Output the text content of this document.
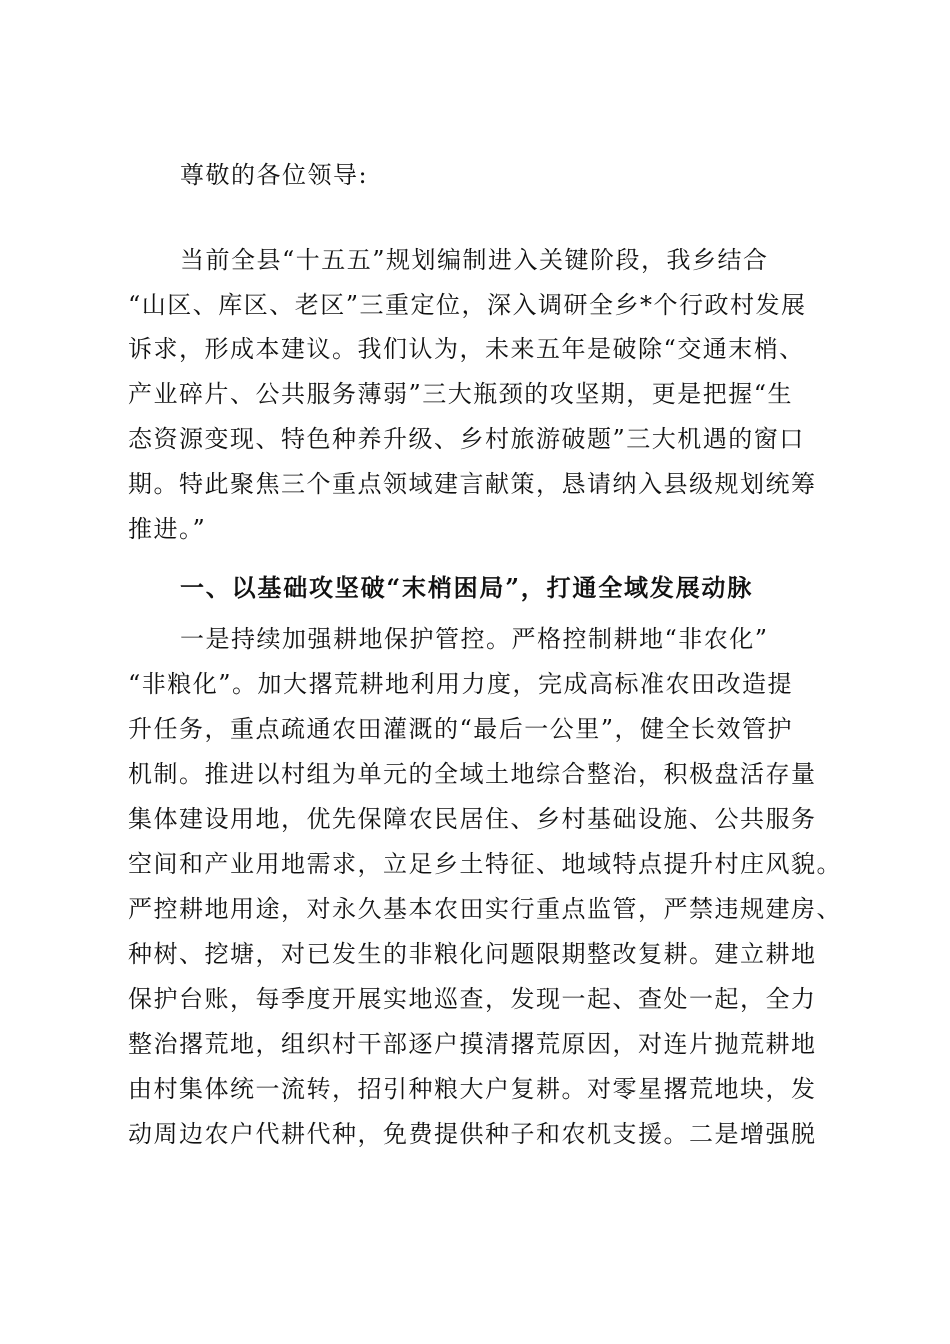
尊敬的各位领导:
当前全县“十五五”规划编制进入关键阶段，我乡结合
“山区、库区、老区”三重定位，深入调研全乡*个行政村发展
诉求，形成本建议。我们认为，未来五年是破除“交通末梢、
产业碎片、公共服务薄弱”三大瓶颈的攻坚期，更是把握“生
态资源变现、特色种养升级、乡村旅游破题”三大机遇的窗口
期。特此聚焦三个重点领域建言献策，恳请纳入县级规划统筹
推进。”
一、以基础攻坚破“末梢困局”，打通全域发展动脉
一是持续加强耕地保护管控。严格控制耕地“非农化”
“非粮化”。加大撂荒耕地利用力度，完成高标准农田改造提
升任务，重点疏通农田灌溉的“最后一公里”，健全长效管护
机制。推进以村组为单元的全域土地综合整治，积极盘活存量
集体建设用地，优先保障农民居住、乡村基础设施、公共服务
空间和产业用地需求，立足乡土特征、地域特点提升村庄风貌。
严控耕地用途，对永久基本农田实行重点监管，严禁违规建房、
种树、挖塘，对已发生的非粮化问题限期整改复耕。建立耕地
保护台账，每季度开展实地巡查，发现一起、查处一起，全力
整治撂荒地，组织村干部逐户摸清撂荒原因，对连片抛荒耕地
由村集体统一流转，招引种粮大户复耕。对零星撂荒地块，发
动周边农户代耕代种，免费提供种子和农机支援。二是增强脱
